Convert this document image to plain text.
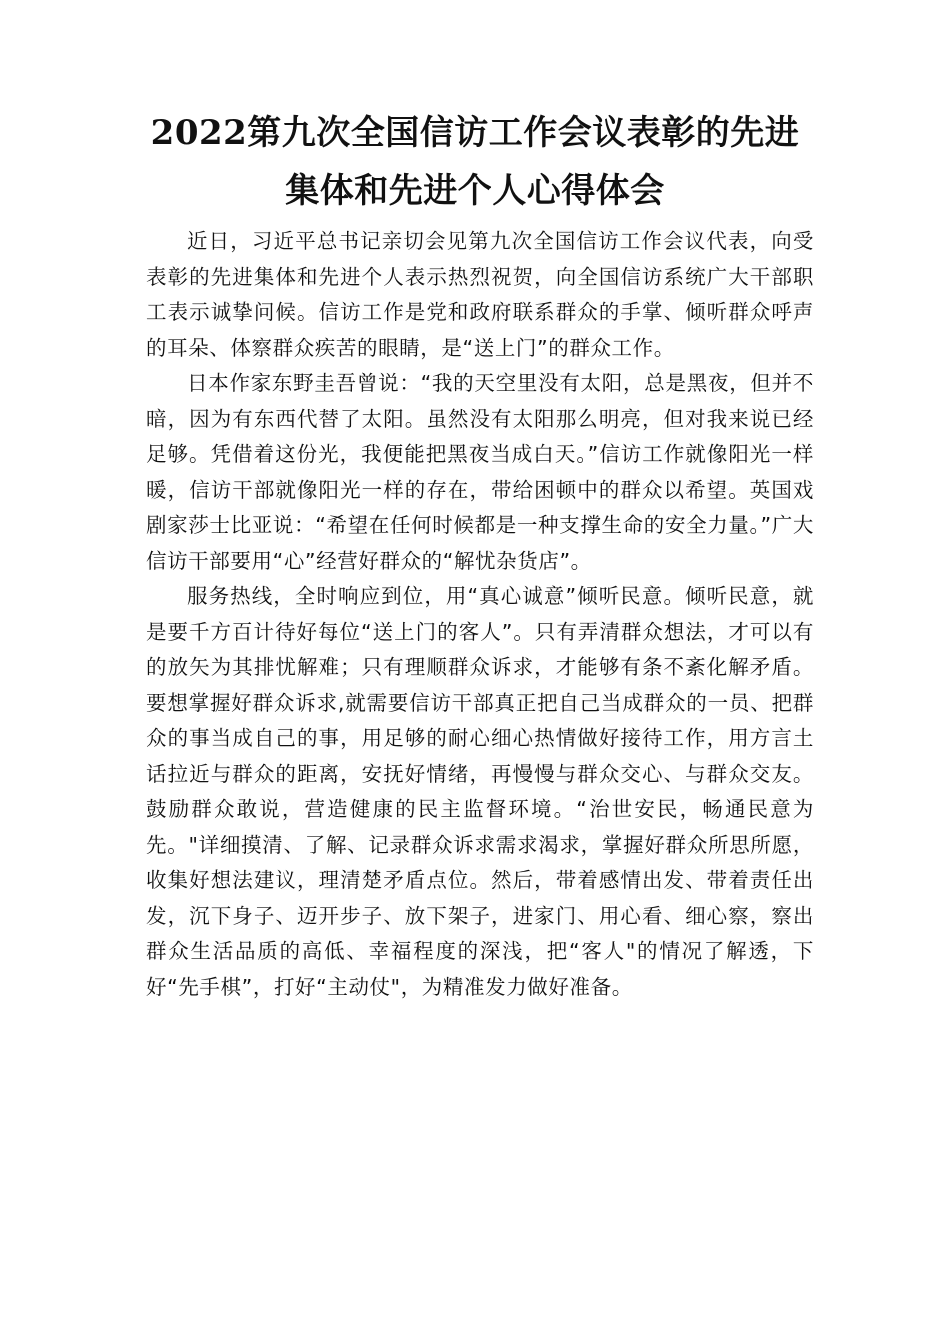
2022第九次全国信访工作会议表彰的先进
集体和先进个人心得体会

近日，习近平总书记亲切会见第九次全国信访工作会议代表，向受表彰的先进集体和先进个人表示热烈祝贺，向全国信访系统广大干部职工表示诚挚问候。信访工作是党和政府联系群众的手掌、倾听群众呼声的耳朵、体察群众疾苦的眼睛，是“送上门”的群众工作。

日本作家东野圭吾曾说：“我的天空里没有太阳，总是黑夜，但并不暗，因为有东西代替了太阳。虽然没有太阳那么明亮，但对我来说已经足够。凭借着这份光，我便能把黑夜当成白天。”信访工作就像阳光一样暖，信访干部就像阳光一样的存在，带给困顿中的群众以希望。英国戏剧家莎士比亚说：“希望在任何时候都是一种支撑生命的安全力量。”广大信访干部要用“心”经营好群众的“解忧杂货店”。

服务热线，全时响应到位，用“真心诚意”倾听民意。倾听民意，就是要千方百计待好每位“送上门的客人”。只有弄清群众想法，才可以有的放矢为其排忧解难；只有理顺群众诉求，才能够有条不紊化解矛盾。要想掌握好群众诉求,就需要信访干部真正把自己当成群众的一员、把群众的事当成自己的事，用足够的耐心细心热情做好接待工作，用方言土话拉近与群众的距离，安抚好情绪，再慢慢与群众交心、与群众交友。鼓励群众敢说，营造健康的民主监督环境。“治世安民，畅通民意为先。"详细摸清、了解、记录群众诉求需求渴求，掌握好群众所思所愿，收集好想法建议，理清楚矛盾点位。然后，带着感情出发、带着责任出发，沉下身子、迈开步子、放下架子，进家门、用心看、细心察，察出群众生活品质的高低、幸福程度的深浅，把“客人"的情况了解透，下好“先手棋”，打好“主动仗"，为精准发力做好准备。
